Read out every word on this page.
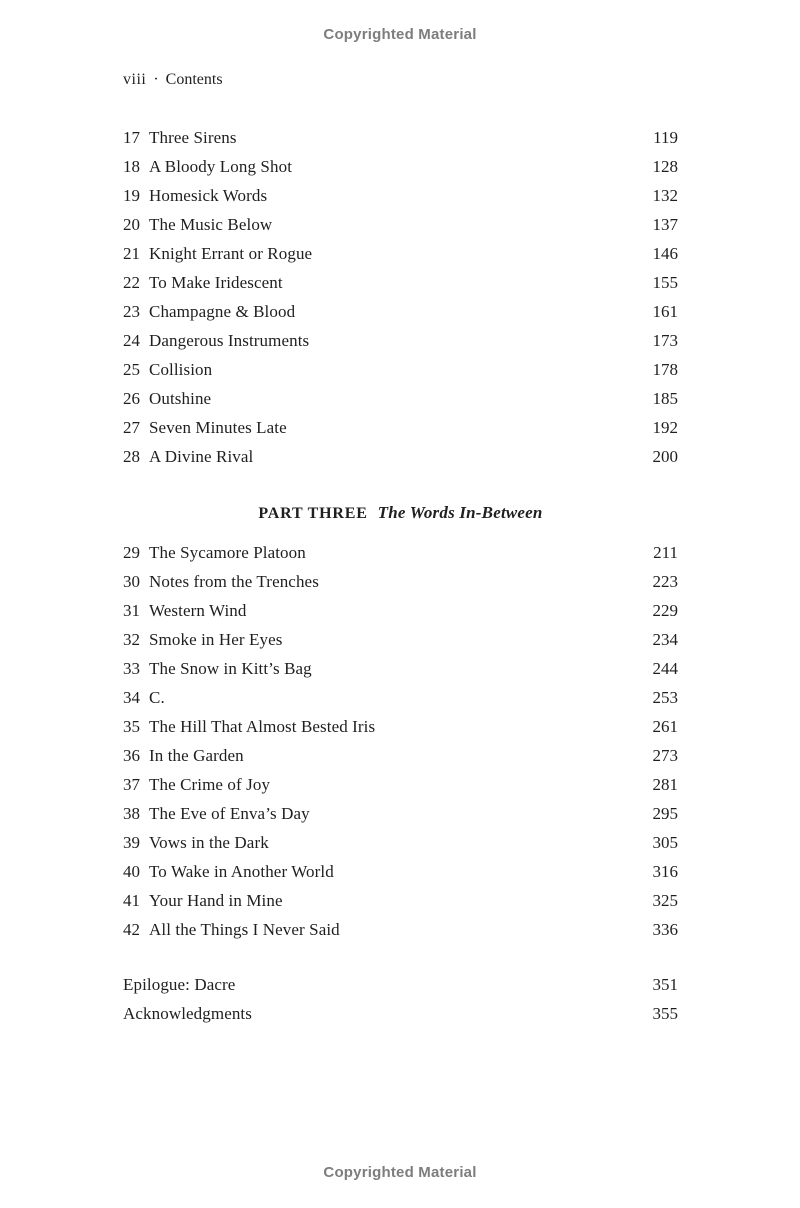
Copyrighted Material
viii · Contents
17 Three Sirens	119
18 A Bloody Long Shot	128
19 Homesick Words	132
20 The Music Below	137
21 Knight Errant or Rogue	146
22 To Make Iridescent	155
23 Champagne & Blood	161
24 Dangerous Instruments	173
25 Collision	178
26 Outshine	185
27 Seven Minutes Late	192
28 A Divine Rival	200
PART THREE The Words In-Between
29 The Sycamore Platoon	211
30 Notes from the Trenches	223
31 Western Wind	229
32 Smoke in Her Eyes	234
33 The Snow in Kitt’s Bag	244
34 C.	253
35 The Hill That Almost Bested Iris	261
36 In the Garden	273
37 The Crime of Joy	281
38 The Eve of Enva’s Day	295
39 Vows in the Dark	305
40 To Wake in Another World	316
41 Your Hand in Mine	325
42 All the Things I Never Said	336
Epilogue: Dacre	351
Acknowledgments	355
Copyrighted Material
